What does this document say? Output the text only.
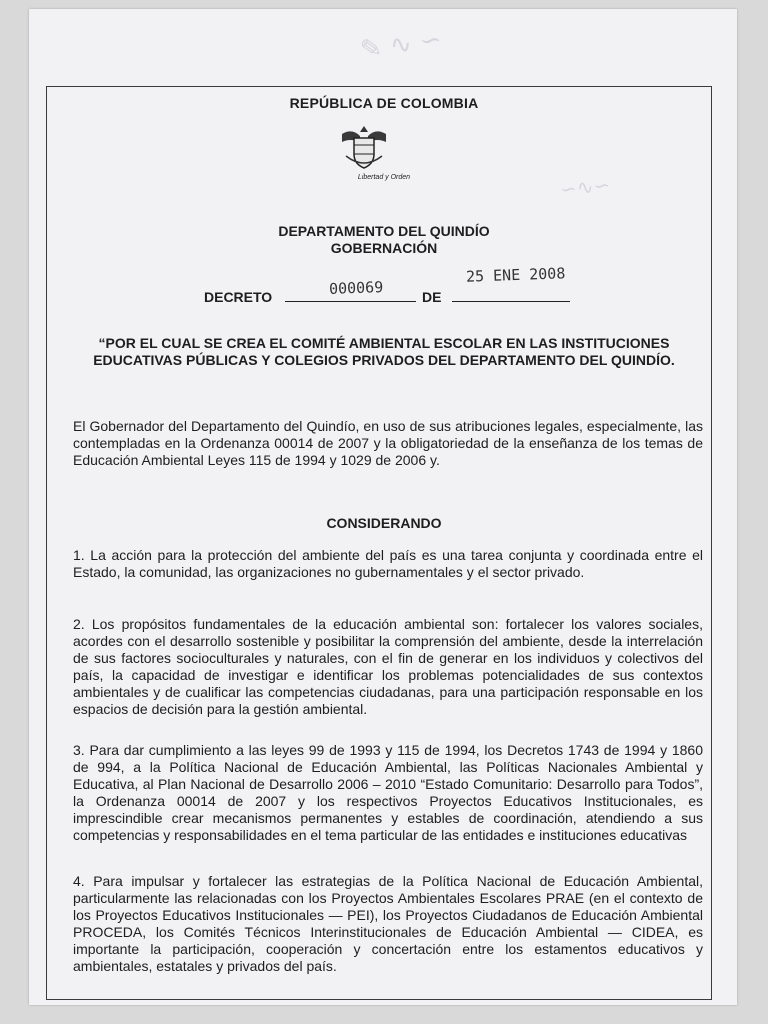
✎ ∿ ∽
∽∿∽
REPÚBLICA DE COLOMBIA
Libertad y Orden
DEPARTAMENTO DEL QUINDÍO
GOBERNACIÓN
DECRETO	000069	DE
25 ENE 2008
“POR EL CUAL SE CREA EL COMITÉ AMBIENTAL ESCOLAR EN LAS INSTITUCIONES EDUCATIVAS PÚBLICAS Y COLEGIOS PRIVADOS DEL DEPARTAMENTO DEL QUINDÍO.
El Gobernador del Departamento del Quindío, en uso de sus atribuciones legales, especialmente, las contempladas en la Ordenanza 00014 de 2007 y la obligatoriedad de la enseñanza de los temas de Educación Ambiental Leyes 115 de 1994 y 1029 de 2006 y.
CONSIDERANDO
1. La acción para la protección del ambiente del país es una tarea conjunta y coordinada entre el Estado, la comunidad, las organizaciones no gubernamentales y el sector privado.
2. Los propósitos fundamentales de la educación ambiental son: fortalecer los valores sociales, acordes con el desarrollo sostenible y posibilitar la comprensión del ambiente, desde la interrelación de sus factores socioculturales y naturales, con el fin de generar en los individuos y colectivos del país, la capacidad de investigar e identificar los problemas potencialidades de sus contextos ambientales y de cualificar las competencias ciudadanas, para una participación responsable en los espacios de decisión para la gestión ambiental.
3. Para dar cumplimiento a las leyes 99 de 1993 y 115 de 1994, los Decretos 1743 de 1994 y 1860 de 994, a la Política Nacional de Educación Ambiental, las Políticas Nacionales Ambiental y Educativa, al Plan Nacional de Desarrollo 2006 – 2010 “Estado Comunitario: Desarrollo para Todos”, la Ordenanza 00014 de 2007 y los respectivos Proyectos Educativos Institucionales, es imprescindible crear mecanismos permanentes y estables de coordinación, atendiendo a sus competencias y responsabilidades en el tema particular de las entidades e instituciones educativas
4. Para impulsar y fortalecer las estrategias de la Política Nacional de Educación Ambiental, particularmente las relacionadas con los Proyectos Ambientales Escolares PRAE (en el contexto de los Proyectos Educativos Institucionales — PEI), los Proyectos Ciudadanos de Educación Ambiental PROCEDA, los Comités Técnicos Interinstitucionales de Educación Ambiental — CIDEA, es importante la participación, cooperación y concertación entre los estamentos educativos y ambientales, estatales y privados del país.
